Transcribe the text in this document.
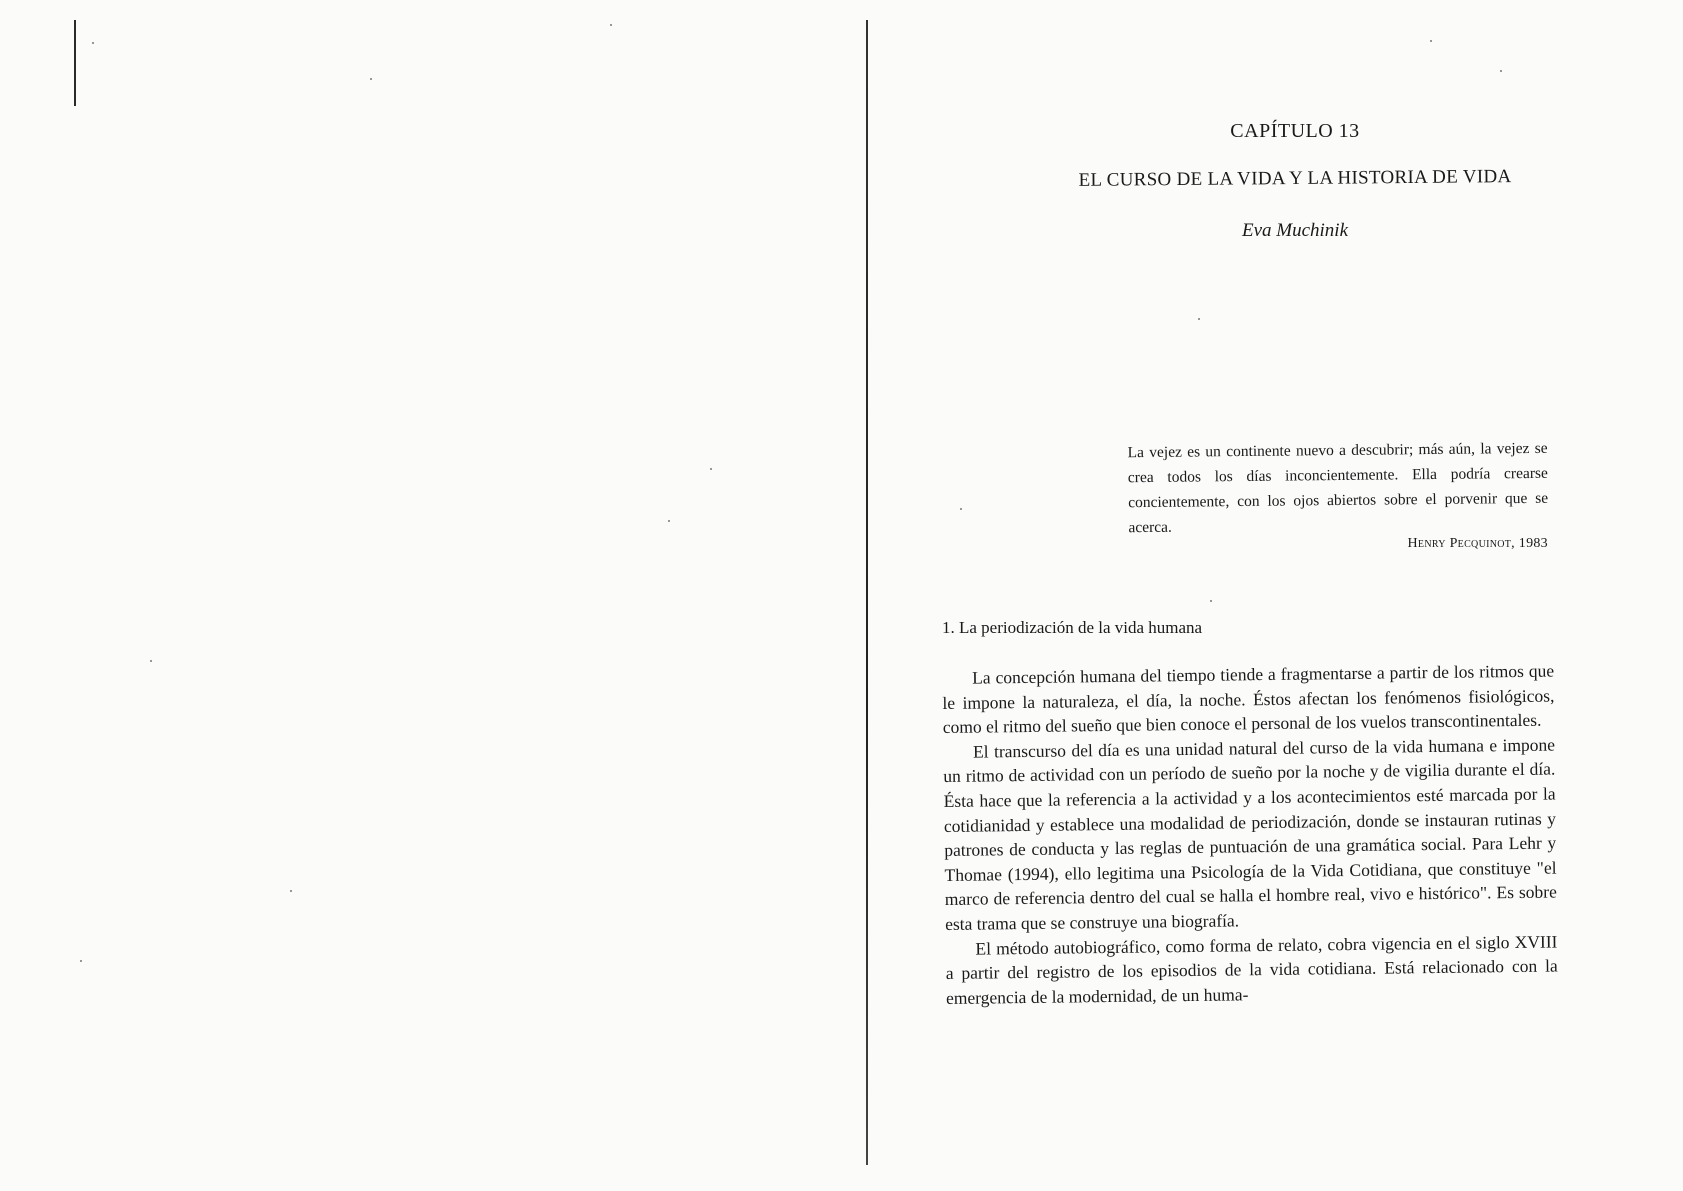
CAPÍTULO 13
EL CURSO DE LA VIDA Y LA HISTORIA DE VIDA
Eva Muchinik
La vejez es un continente nuevo a descubrir; más aún, la vejez se crea todos los días inconcientemente. Ella podría crearse concientemente, con los ojos abiertos sobre el porvenir que se acerca.
Henry Pecquinot, 1983
1. La periodización de la vida humana

La concepción humana del tiempo tiende a fragmentarse a partir de los ritmos que le impone la naturaleza, el día, la noche. Éstos afectan los fenómenos fisiológicos, como el ritmo del sueño que bien conoce el personal de los vuelos transcontinentales.

El transcurso del día es una unidad natural del curso de la vida humana e impone un ritmo de actividad con un período de sueño por la noche y de vigilia durante el día. Ésta hace que la referencia a la actividad y a los acontecimientos esté marcada por la cotidianidad y establece una modalidad de periodización, donde se instauran rutinas y patrones de conducta y las reglas de puntuación de una gramática social. Para Lehr y Thomae (1994), ello legitima una Psicología de la Vida Cotidiana, que constituye "el marco de referencia dentro del cual se halla el hombre real, vivo e histórico". Es sobre esta trama que se construye una biografía.

El método autobiográfico, como forma de relato, cobra vigencia en el siglo XVIII a partir del registro de los episodios de la vida cotidiana. Está relacionado con la emergencia de la modernidad, de un huma-
